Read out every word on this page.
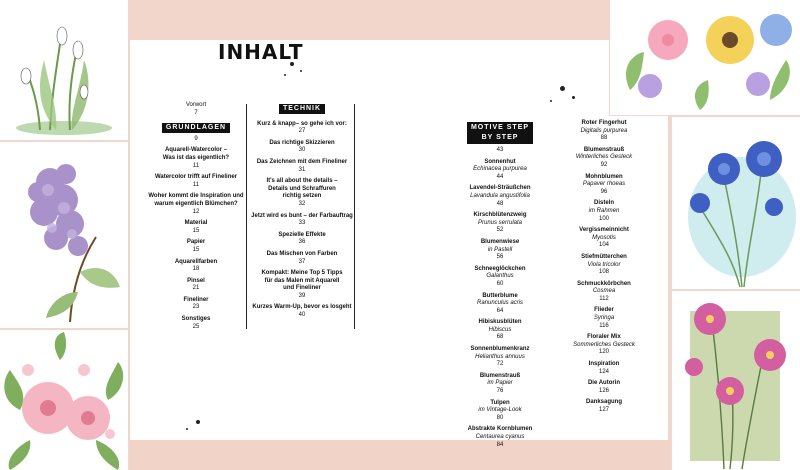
INHALT
Vorwort
7
GRUNDLAGEN
9
Aquarell-Watercolor –
Was ist das eigentlich?
11
Watercolor trifft auf Fineliner
11
Woher kommt die Inspiration und
warum eigentlich Blümchen?
12
Material
15
Papier
15
Aquarellfarben
18
Pinsel
21
Fineliner
23
Sonstiges
25
TECHNIK
Kurz & knapp– so gehe ich vor:
27
Das richtige Skizzieren
30
Das Zeichnen mit dem Fineliner
31
It's all about the details –
Details und Schraffuren
richtig setzen
32
Jetzt wird es bunt – der Farbauftrag
33
Spezielle Effekte
36
Das Mischen von Farben
37
Kompakt: Meine Top 5 Tipps
für das Malen mit Aquarell
und Fineliner
39
Kurzes Warm-Up, bevor es losgeht
40
MOTIVE STEP
BY STEP
43
Sonnenhut
Echinacea purpurea
44
Lavendel-Sträußchen
Lavandula angustifolia
48
Kirschblütenzweig
Prunus serrulata
52
Blumenwiese
in Pastell
56
Schneeglöckchen
Galanthus
60
Butterblume
Ranunculus acris
64
Hibiskusblüten
Hibiscus
68
Sonnenblumenkranz
Helianthus annuus
72
Blumenstrauß
im Papier
76
Tulpen
im Vintage-Look
80
Abstrakte Kornblumen
Centaurea cyanus
84
Roter Fingerhut
Digitalis purpurea
88
Blumenstrauß
Winterliches Gesteck
92
Mohnblumen
Papaver rhoeas
96
Disteln
im Rahmen
100
Vergissmeinnicht
Myosotis
104
Stiefmütterchen
Viola tricolor
108
Schmuckkörbchen
Cosmea
112
Flieder
Syringa
116
Floraler Mix
Sommerliches Gesteck
120
Inspiration
124
Die Autorin
126
Danksagung
127
